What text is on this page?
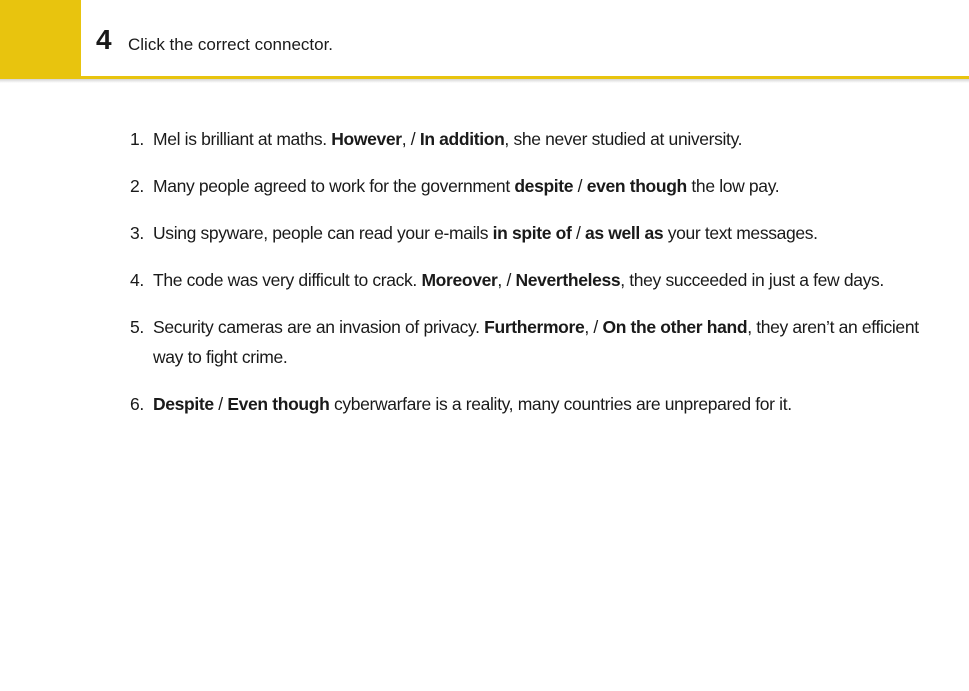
4 Click the correct connector.
1. Mel is brilliant at maths. However, / In addition, she never studied at university.
2. Many people agreed to work for the government despite / even though the low pay.
3. Using spyware, people can read your e-mails in spite of / as well as your text messages.
4. The code was very difficult to crack. Moreover, / Nevertheless, they succeeded in just a few days.
5. Security cameras are an invasion of privacy. Furthermore, / On the other hand, they aren’t an efficient way to fight crime.
6. Despite / Even though cyberwarfare is a reality, many countries are unprepared for it.
